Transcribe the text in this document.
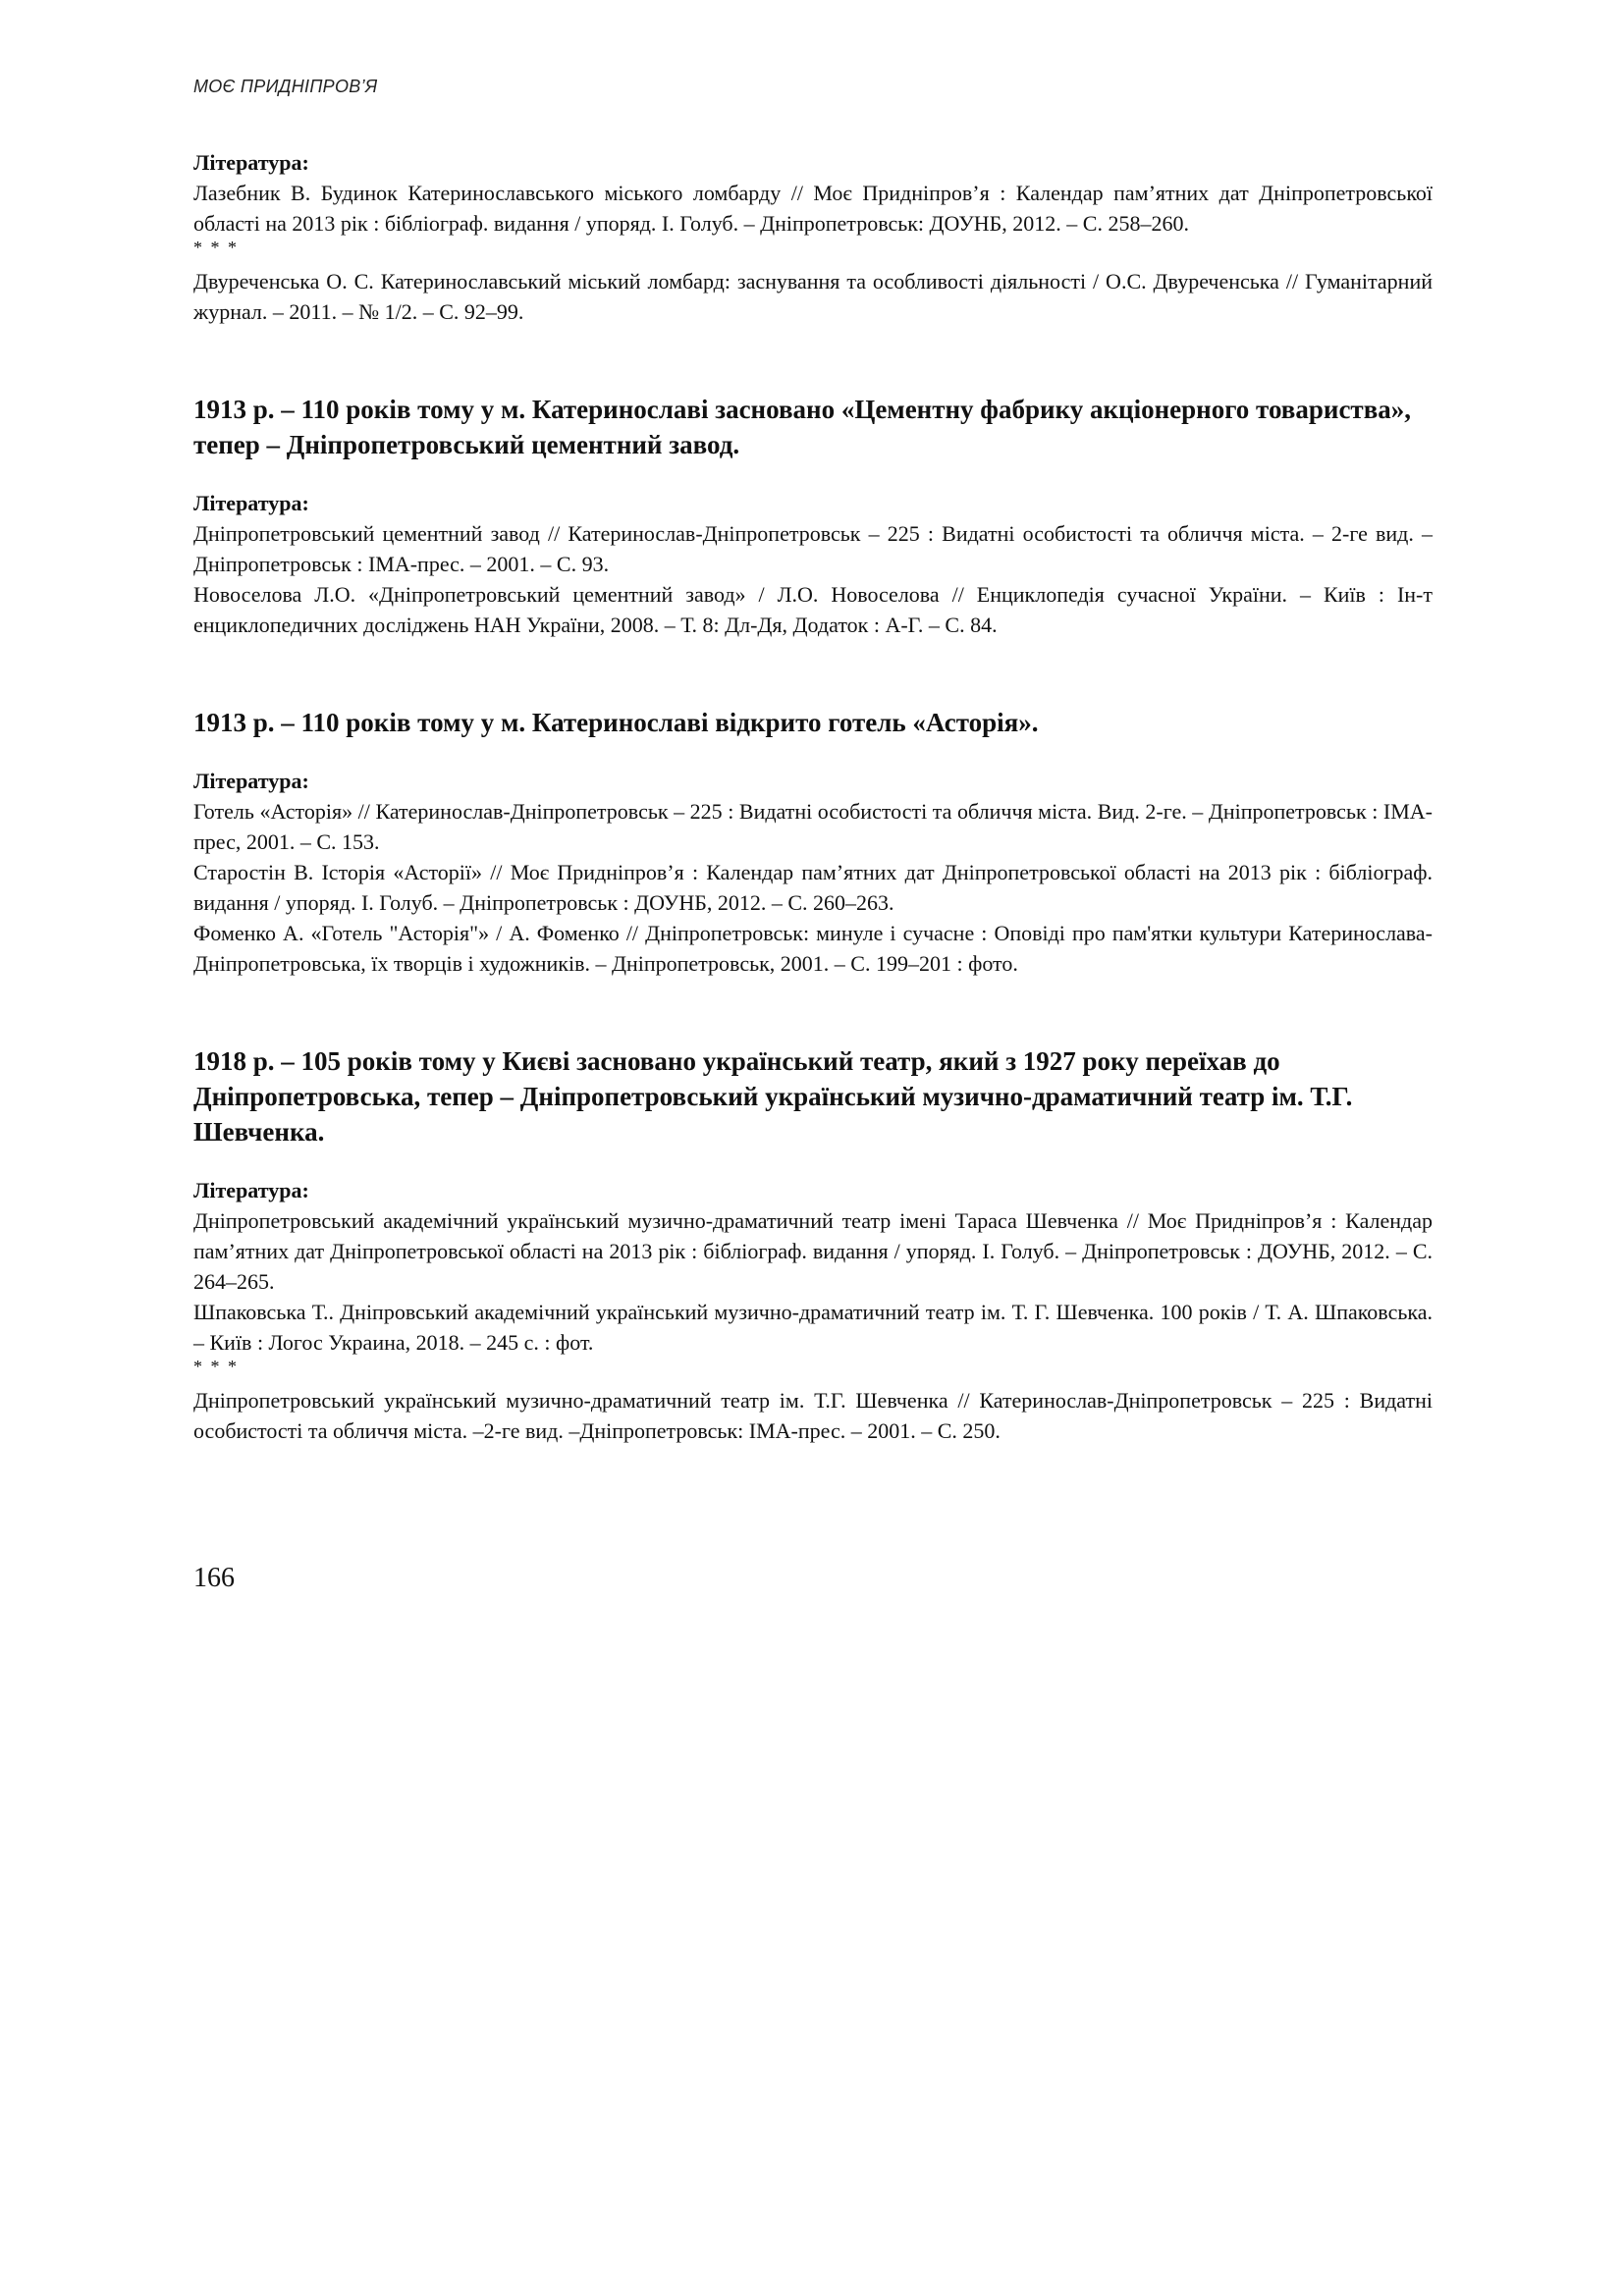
МОЄ ПРИДНІПРОВ’Я

Література:

Лазебник В. Будинок Катеринославського міського ломбарду // Моє Придніпров’я : Календар пам’ятних дат Дніпропетровської області на 2013 рік : бібліограф. видання / упоряд. І. Голуб. – Дніпропетровськ: ДОУНБ, 2012. – С. 258–260.

* * *

Двуреченська О. С. Катеринославський міський ломбард: заснування та особливості діяльності / О.С. Двуреченська // Гуманітарний журнал. – 2011. – № 1/2. – С. 92–99.

1913 р. – 110 років тому у м. Катеринославі засновано «Цементну фабрику акціонерного товариства», тепер – Дніпропетровський цементний завод.

Література:

Дніпропетровський цементний завод // Катеринослав-Дніпропетровськ – 225 : Видатні особистості та обличчя міста. – 2-ге вид. –Дніпропетровськ : ІМА-прес. – 2001. – С. 93.

Новоселова Л.О. «Дніпропетровський цементний завод» / Л.О. Новоселова // Енциклопедія сучасної України. – Київ : Ін-т енциклопедичних досліджень НАН України, 2008. – Т. 8: Дл-Дя, Додаток : А-Г. – С. 84.

1913 р. – 110 років тому у м. Катеринославі відкрито готель «Асторія».

Література:

Готель «Асторія» // Катеринослав-Дніпропетровськ – 225 : Видатні особистості та обличчя міста. Вид. 2-ге. – Дніпропетровськ : ІМА-прес, 2001. – С. 153.

Старостін В. Історія «Асторії» // Моє Придніпров’я : Календар пам’ятних дат Дніпропетровської області на 2013 рік : бібліограф. видання / упоряд. І. Голуб. – Дніпропетровськ : ДОУНБ, 2012. – С. 260–263.

Фоменко А. «Готель "Асторія"» / А. Фоменко // Дніпропетровськ: минуле і сучасне : Оповіді про пам'ятки культури Катеринослава-Дніпропетровська, їх творців і художників. – Дніпропетровськ, 2001. – С. 199–201 : фото.

1918 р. – 105 років тому у Києві засновано український театр, який з 1927 року переїхав до Дніпропетровська, тепер – Дніпропетровський український музично-драматичний театр ім. Т.Г. Шевченка.

Література:

Дніпропетровський академічний український музично-драматичний театр імені Тараса Шевченка // Моє Придніпров’я : Календар пам’ятних дат Дніпропетровської області на 2013 рік : бібліограф. видання / упоряд. І. Голуб. – Дніпропетровськ : ДОУНБ, 2012. – С. 264–265.

Шпаковська Т.. Дніпровський академічний український музично-драматичний театр ім. Т. Г. Шевченка. 100 років / Т. А. Шпаковська. – Київ : Логос Украина, 2018. – 245 с. : фот.

* * *

Дніпропетровський український музично-драматичний театр ім. Т.Г. Шевченка // Катеринослав-Дніпропетровськ – 225 : Видатні особистості та обличчя міста. –2-ге вид. –Дніпропетровськ: ІМА-прес. – 2001. – С. 250.

166
